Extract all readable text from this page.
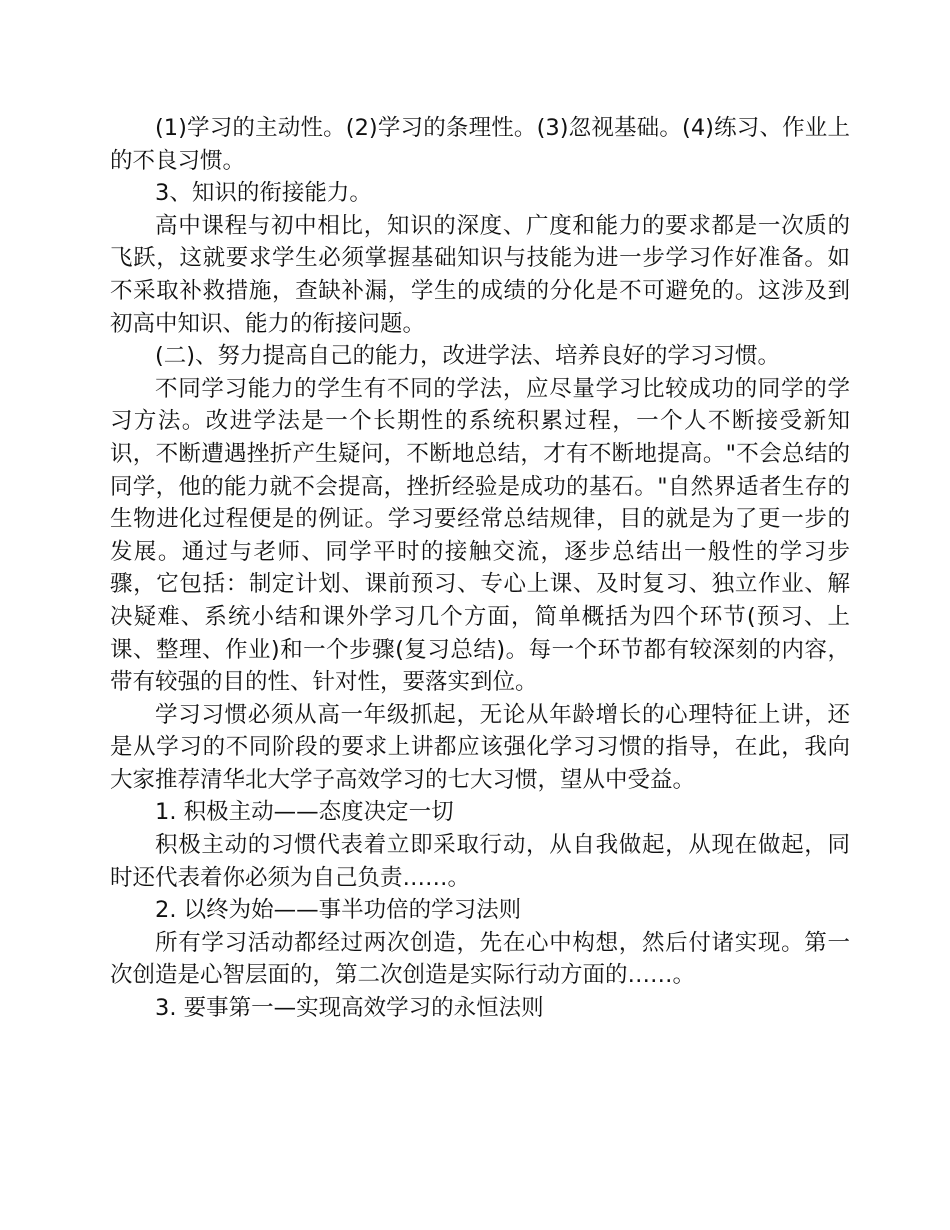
(1)学习的主动性。(2)学习的条理性。(3)忽视基础。(4)练习、作业上的不良习惯。

3、知识的衔接能力。

高中课程与初中相比，知识的深度、广度和能力的要求都是一次质的飞跃，这就要求学生必须掌握基础知识与技能为进一步学习作好准备。如不采取补救措施，查缺补漏，学生的成绩的分化是不可避免的。这涉及到初高中知识、能力的衔接问题。

(二)、努力提高自己的能力，改进学法、培养良好的学习习惯。

不同学习能力的学生有不同的学法，应尽量学习比较成功的同学的学习方法。改进学法是一个长期性的系统积累过程，一个人不断接受新知识，不断遭遇挫折产生疑问，不断地总结，才有不断地提高。"不会总结的同学，他的能力就不会提高，挫折经验是成功的基石。"自然界适者生存的生物进化过程便是的例证。学习要经常总结规律，目的就是为了更一步的发展。通过与老师、同学平时的接触交流，逐步总结出一般性的学习步骤，它包括：制定计划、课前预习、专心上课、及时复习、独立作业、解决疑难、系统小结和课外学习几个方面，简单概括为四个环节(预习、上课、整理、作业)和一个步骤(复习总结)。每一个环节都有较深刻的内容，带有较强的目的性、针对性，要落实到位。

学习习惯必须从高一年级抓起，无论从年龄增长的心理特征上讲，还是从学习的不同阶段的要求上讲都应该强化学习习惯的指导，在此，我向大家推荐清华北大学子高效学习的七大习惯，望从中受益。

1. 积极主动——态度决定一切

积极主动的习惯代表着立即采取行动，从自我做起，从现在做起，同时还代表着你必须为自己负责……。

2. 以终为始——事半功倍的学习法则

所有学习活动都经过两次创造，先在心中构想，然后付诸实现。第一次创造是心智层面的，第二次创造是实际行动方面的……。

3. 要事第一—实现高效学习的永恒法则
